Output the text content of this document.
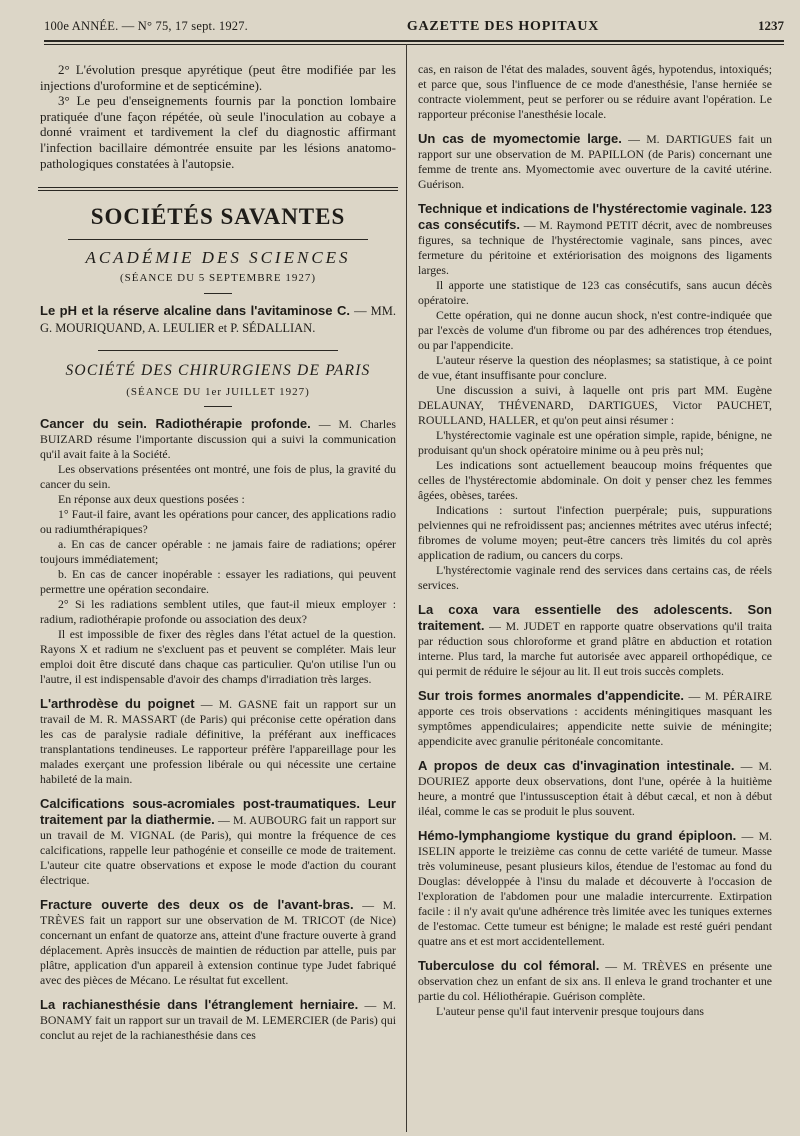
100e ANNÉE. — N° 75, 17 sept. 1927.	GAZETTE DES HOPITAUX	1237

2° L'évolution presque apyrétique (peut être modifiée par les injections d'uroformine et de septicémine).

3° Le peu d'enseignements fournis par la ponction lombaire pratiquée d'une façon répétée, où seule l'inoculation au cobaye a donné vraiment et tardivement la clef du diagnostic affirmant l'infection bacillaire démontrée ensuite par les lésions anatomo-pathologiques constatées à l'autopsie.

SOCIÉTÉS SAVANTES
ACADÉMIE DES SCIENCES
(SÉANCE DU 5 SEPTEMBRE 1927)

Le pH et la réserve alcaline dans l'avitaminose C. — MM. G. MOURIQUAND, A. LEULIER et P. SÉDALLIAN.

SOCIÉTÉ DES CHIRURGIENS DE PARIS
(SÉANCE DU 1er JUILLET 1927)

Cancer du sein. Radiothérapie profonde. — M. Charles BUIZARD résume l'importante discussion qui a suivi la communication qu'il avait faite à la Société.

Les observations présentées ont montré, une fois de plus, la gravité du cancer du sein.

En réponse aux deux questions posées :

1° Faut-il faire, avant les opérations pour cancer, des applications radio ou radiumthérapiques?

a. En cas de cancer opérable : ne jamais faire de radiations; opérer toujours immédiatement;

b. En cas de cancer inopérable : essayer les radiations, qui peuvent permettre une opération secondaire.

2° Si les radiations semblent utiles, que faut-il mieux employer : radium, radiothérapie profonde ou association des deux?

Il est impossible de fixer des règles dans l'état actuel de la question. Rayons X et radium ne s'excluent pas et peuvent se compléter. Mais leur emploi doit être discuté dans chaque cas particulier. Qu'on utilise l'un ou l'autre, il est indispensable d'avoir des champs d'irradiation très larges.

L'arthrodèse du poignet — M. GASNE fait un rapport sur un travail de M. R. MASSART (de Paris) qui préconise cette opération dans les cas de paralysie radiale définitive, la préférant aux inefficaces transplantations tendineuses. Le rapporteur préfère l'appareillage pour les malades exerçant une profession libérale ou qui nécessite une certaine habileté de la main.

Calcifications sous-acromiales post-traumatiques. Leur traitement par la diathermie. — M. AUBOURG fait un rapport sur un travail de M. VIGNAL (de Paris), qui montre la fréquence de ces calcifications, rappelle leur pathogénie et conseille ce mode de traitement. L'auteur cite quatre observations et expose le mode d'action du courant électrique.

Fracture ouverte des deux os de l'avant-bras. — M. TRÈVES fait un rapport sur une observation de M. TRICOT (de Nice) concernant un enfant de quatorze ans, atteint d'une fracture ouverte à grand déplacement. Après insuccès de maintien de réduction par attelle, puis par plâtre, application d'un appareil à extension continue type Judet fabriqué avec des pièces de Mécano. Le résultat fut excellent.

La rachianesthésie dans l'étranglement herniaire. — M. BONAMY fait un rapport sur un travail de M. LEMERCIER (de Paris) qui conclut au rejet de la rachianesthésie dans ces

cas, en raison de l'état des malades, souvent âgés, hypotendus, intoxiqués; et parce que, sous l'influence de ce mode d'anesthésie, l'anse herniée se contracte violemment, peut se perforer ou se réduire avant l'opération. Le rapporteur préconise l'anesthésie locale.

Un cas de myomectomie large. — M. DARTIGUES fait un rapport sur une observation de M. PAPILLON (de Paris) concernant une femme de trente ans. Myomectomie avec ouverture de la cavité utérine. Guérison.

Technique et indications de l'hystérectomie vaginale. 123 cas consécutifs. — M. Raymond PETIT décrit, avec de nombreuses figures, sa technique de l'hystérectomie vaginale, sans pinces, avec fermeture du péritoine et extériorisation des moignons des ligaments larges.

Il apporte une statistique de 123 cas consécutifs, sans aucun décès opératoire.

Cette opération, qui ne donne aucun shock, n'est contre-indiquée que par l'excès de volume d'un fibrome ou par des adhérences trop étendues, ou par l'appendicite.

L'auteur réserve la question des néoplasmes; sa statistique, à ce point de vue, étant insuffisante pour conclure.

Une discussion a suivi, à laquelle ont pris part MM. Eugène DELAUNAY, THÉVENARD, DARTIGUES, Victor PAUCHET, ROULLAND, HALLER, et qu'on peut ainsi résumer :

L'hystérectomie vaginale est une opération simple, rapide, bénigne, ne produisant qu'un shock opératoire minime ou à peu près nul;

Les indications sont actuellement beaucoup moins fréquentes que celles de l'hystérectomie abdominale. On doit y penser chez les femmes âgées, obèses, tarées.

Indications : surtout l'infection puerpérale; puis, suppurations pelviennes qui ne refroidissent pas; anciennes métrites avec utérus infecté; fibromes de volume moyen; peut-être cancers très limités du col après application de radium, ou cancers du corps.

L'hystérectomie vaginale rend des services dans certains cas, de réels services.

La coxa vara essentielle des adolescents. Son traitement. — M. JUDET en rapporte quatre observations qu'il traita par réduction sous chloroforme et grand plâtre en abduction et rotation interne. Plus tard, la marche fut autorisée avec appareil orthopédique, ce qui permit de réduire le séjour au lit. Il eut trois succès complets.

Sur trois formes anormales d'appendicite. — M. PÉRAIRE apporte ces trois observations : accidents méningitiques masquant les symptômes appendiculaires; appendicite nette suivie de méningite; appendicite avec granulie péritonéale concomitante.

A propos de deux cas d'invagination intestinale. — M. DOURIEZ apporte deux observations, dont l'une, opérée à la huitième heure, a montré que l'intussusception était à début cæcal, et non à début iléal, comme le cas se produit le plus souvent.

Hémo-lymphangiome kystique du grand épiploon. — M. ISELIN apporte le treizième cas connu de cette variété de tumeur. Masse très volumineuse, pesant plusieurs kilos, étendue de l'estomac au fond du Douglas: développée à l'insu du malade et découverte à l'occasion de l'exploration de l'abdomen pour une maladie intercurrente. Extirpation facile : il n'y avait qu'une adhérence très limitée avec les tuniques externes de l'estomac. Cette tumeur est bénigne; le malade est resté guéri pendant quatre ans et est mort accidentellement.

Tuberculose du col fémoral. — M. TRÈVES en présente une observation chez un enfant de six ans. Il enleva le grand trochanter et une partie du col. Héliothérapie. Guérison complète.

L'auteur pense qu'il faut intervenir presque toujours dans
